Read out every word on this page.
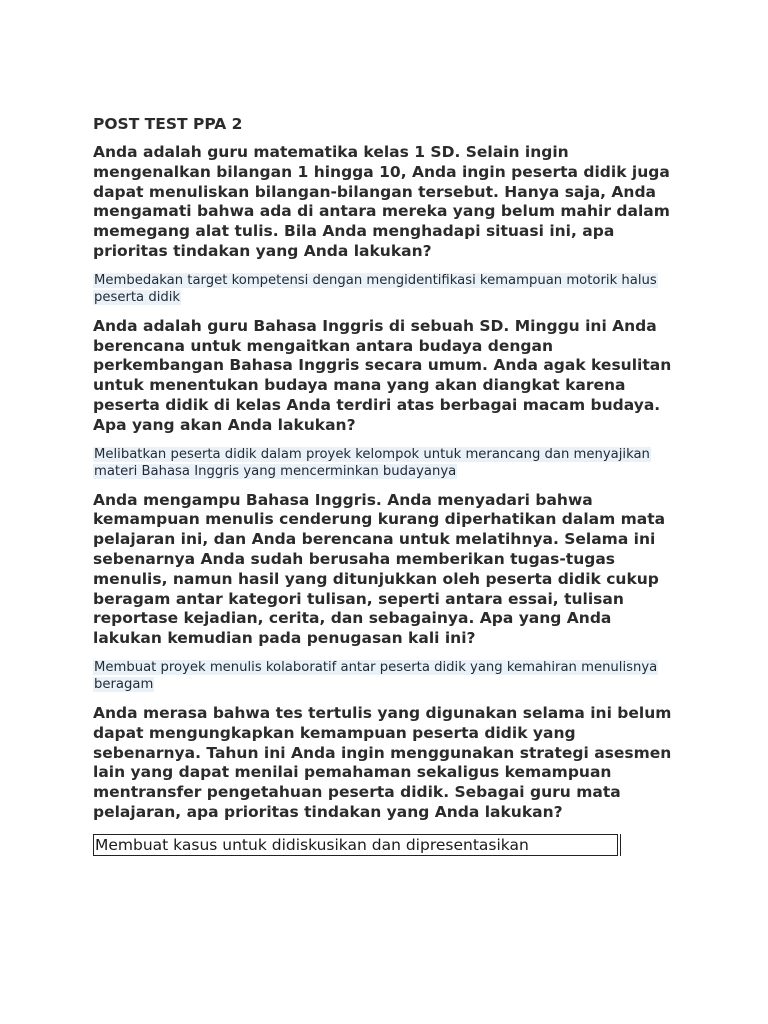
POST TEST PPA 2
Anda adalah guru matematika kelas 1 SD. Selain ingin mengenalkan bilangan 1 hingga 10, Anda ingin peserta didik juga dapat menuliskan bilangan-bilangan tersebut. Hanya saja, Anda mengamati bahwa ada di antara mereka yang belum mahir dalam memegang alat tulis. Bila Anda menghadapi situasi ini, apa prioritas tindakan yang Anda lakukan?
Membedakan target kompetensi dengan mengidentifikasi kemampuan motorik halus peserta didik
Anda adalah guru Bahasa Inggris di sebuah SD. Minggu ini Anda berencana untuk mengaitkan antara budaya dengan perkembangan Bahasa Inggris secara umum. Anda agak kesulitan untuk menentukan budaya mana yang akan diangkat karena peserta didik di kelas Anda terdiri atas berbagai macam budaya. Apa yang akan Anda lakukan?
Melibatkan peserta didik dalam proyek kelompok untuk merancang dan menyajikan materi Bahasa Inggris yang mencerminkan budayanya
Anda mengampu Bahasa Inggris. Anda menyadari bahwa kemampuan menulis cenderung kurang diperhatikan dalam mata pelajaran ini, dan Anda berencana untuk melatihnya. Selama ini sebenarnya Anda sudah berusaha memberikan tugas-tugas menulis, namun hasil yang ditunjukkan oleh peserta didik cukup beragam antar kategori tulisan, seperti antara essai, tulisan reportase kejadian, cerita, dan sebagainya. Apa yang Anda lakukan kemudian pada penugasan kali ini?
Membuat proyek menulis kolaboratif antar peserta didik yang kemahiran menulisnya beragam
Anda merasa bahwa tes tertulis yang digunakan selama ini belum dapat mengungkapkan kemampuan peserta didik yang sebenarnya. Tahun ini Anda ingin menggunakan strategi asesmen lain yang dapat menilai pemahaman sekaligus kemampuan mentransfer pengetahuan peserta didik. Sebagai guru mata pelajaran, apa prioritas tindakan yang Anda lakukan?
Membuat kasus untuk didiskusikan dan dipresentasikan
